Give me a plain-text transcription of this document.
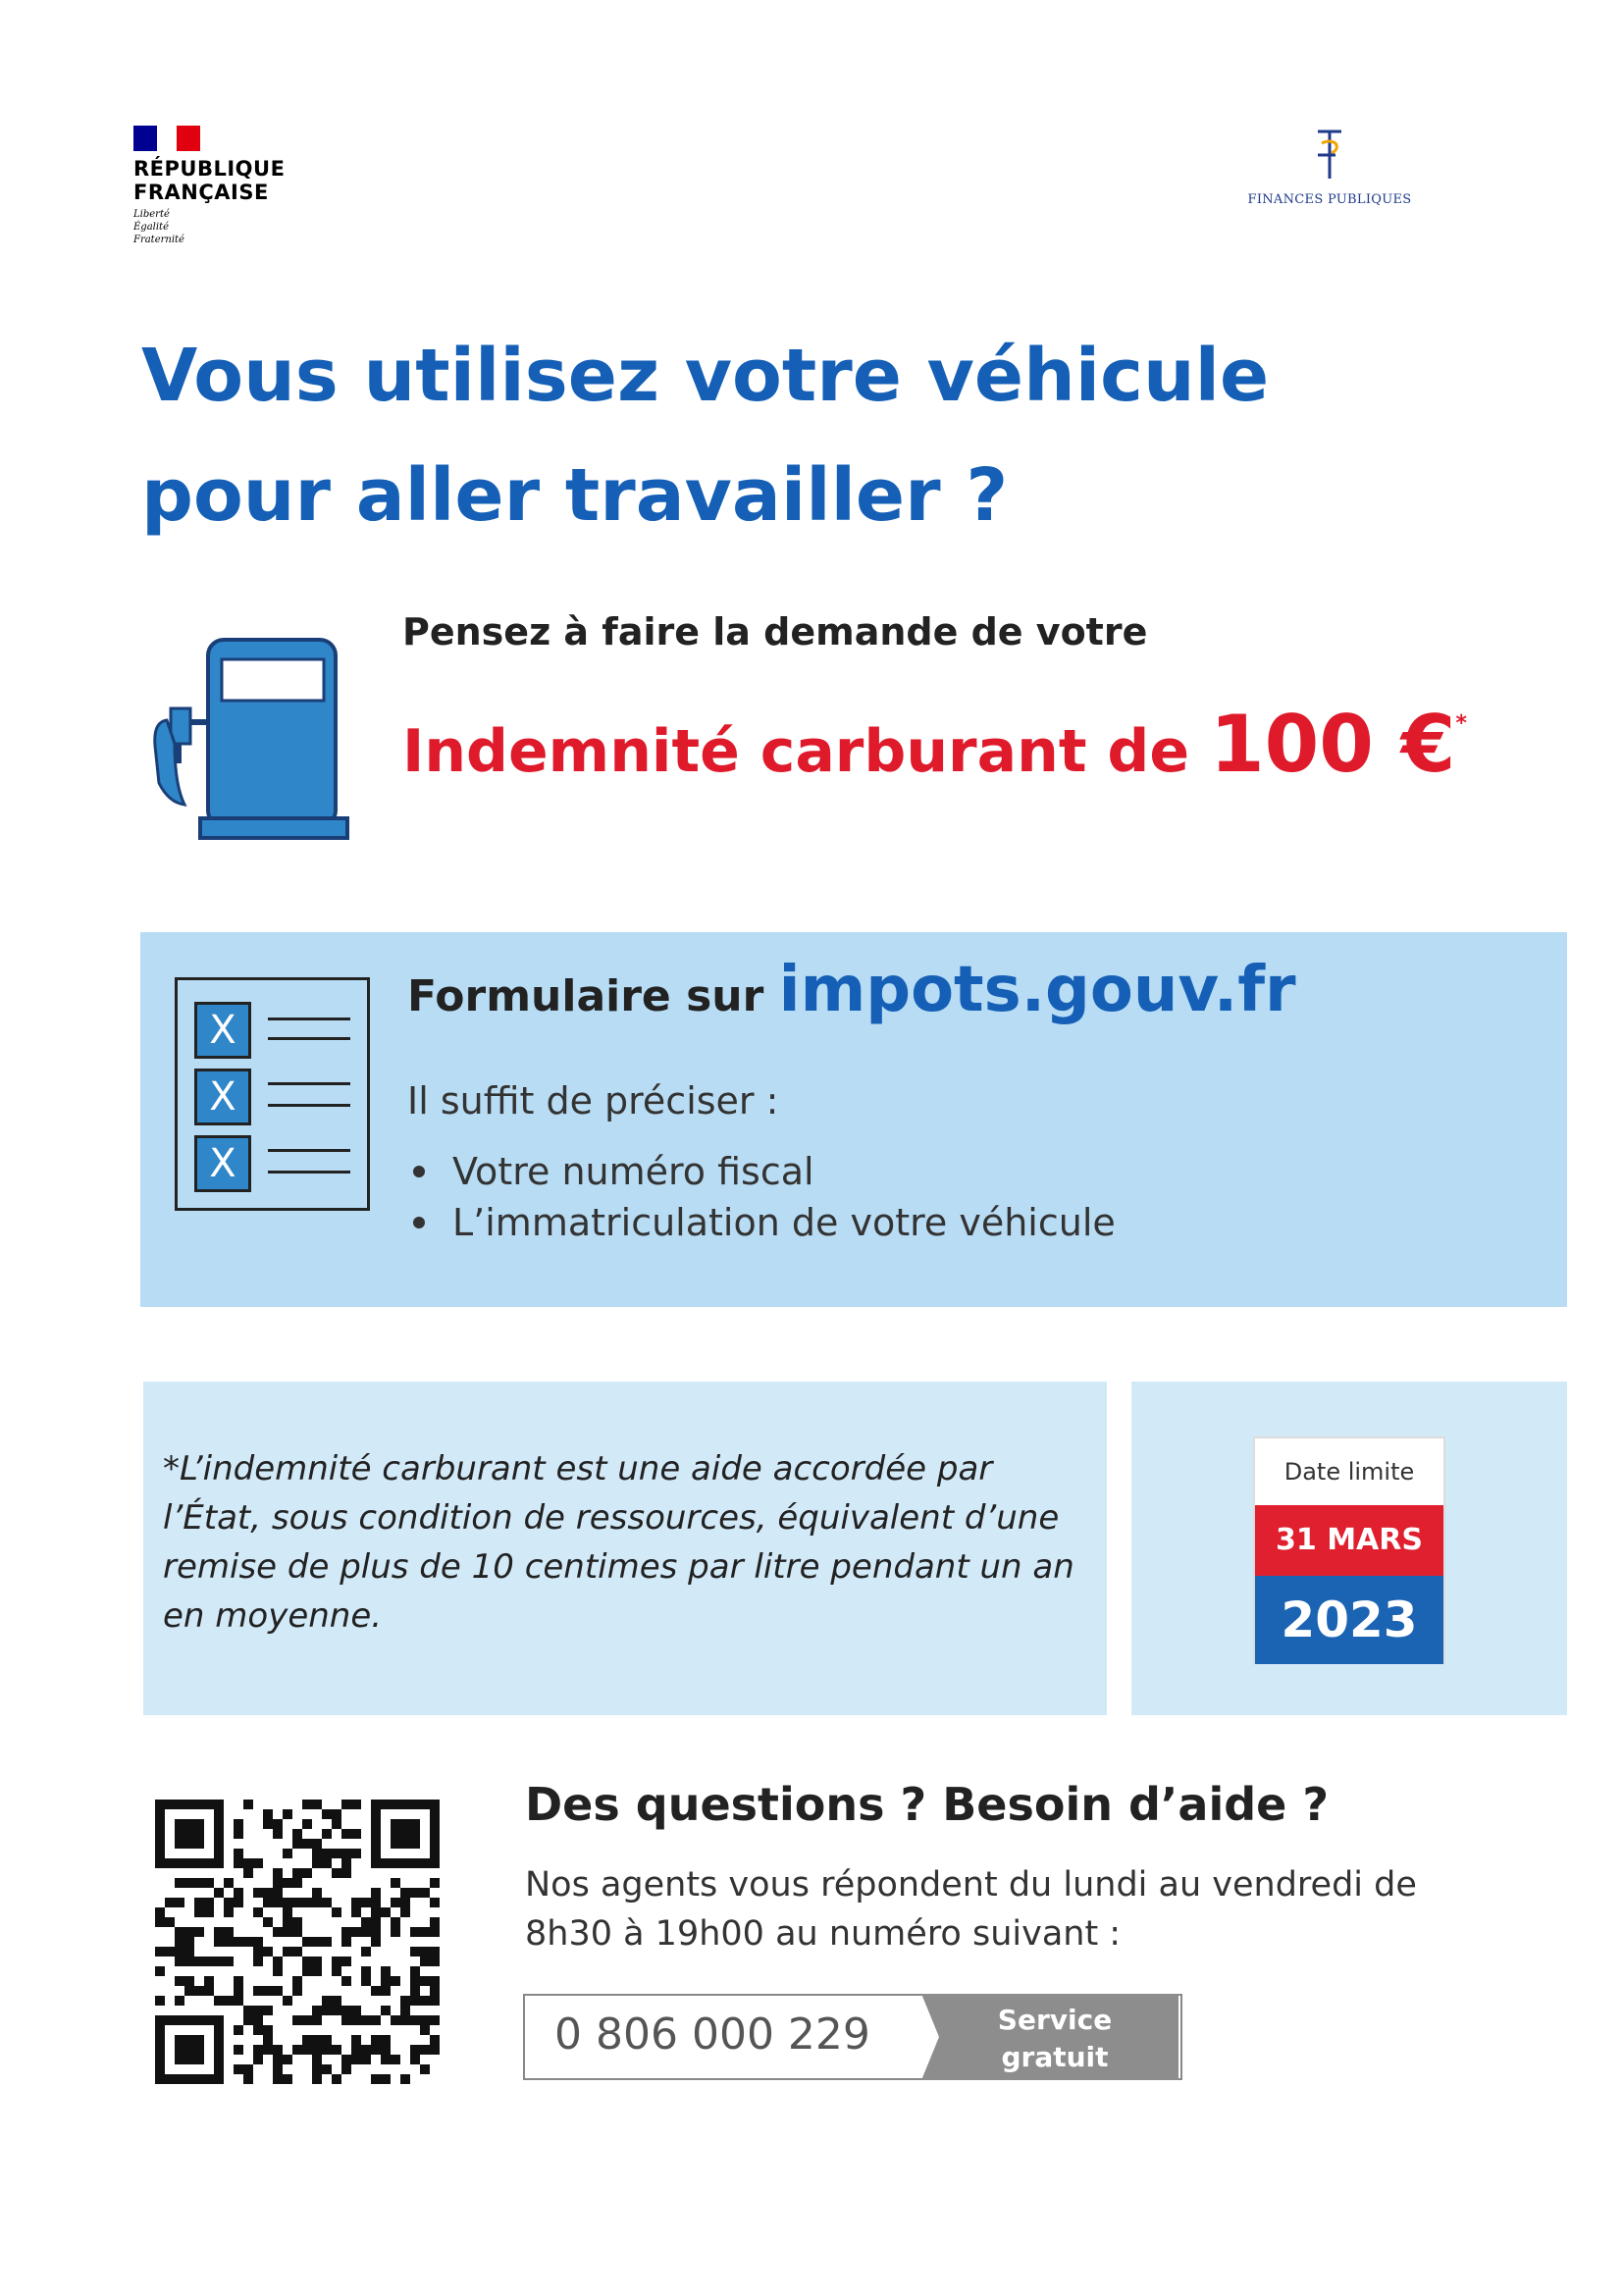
RÉPUBLIQUE
FRANÇAISE
Liberté
Égalité
Fraternité
FINANCES PUBLIQUES
Vous utilisez votre véhicule
pour aller travailler ?
Pensez à faire la demande de votre
Indemnité carburant de 100 €*
X
X
X
Formulaire sur impots.gouv.fr
Il suffit de préciser :
Votre numéro fiscal
L’immatriculation de votre véhicule
*L’indemnité carburant est une aide accordée par l’État, sous condition de ressources, équivalent d’une remise de plus de 10 centimes par litre pendant un an en moyenne.
Date limite
31 MARS
2023
Des questions ? Besoin d’aide ?
Nos agents vous répondent du lundi au vendredi de 8h30 à 19h00 au numéro suivant :
0 806 000 229	Service gratuit
+ prix appel
